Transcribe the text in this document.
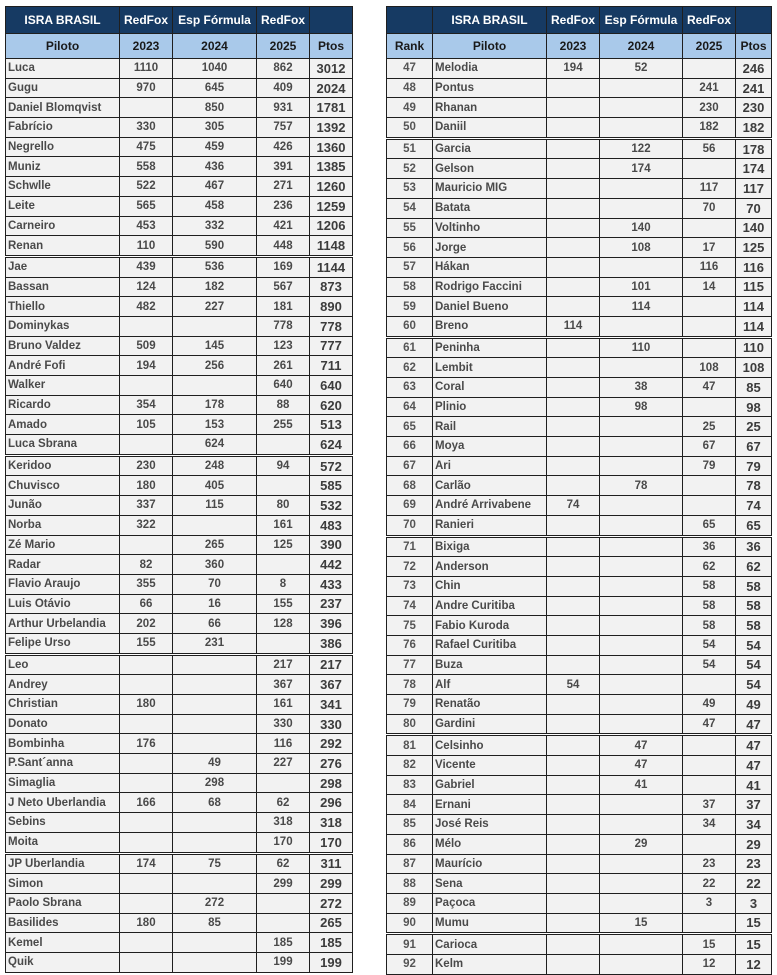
ISRA BRASIL	RedFox	Esp Fórmula	RedFox	
Piloto	2023	2024	2025	Ptos
Luca	1110	1040	862	3012
Gugu	970	645	409	2024
Daniel Blomqvist		850	931	1781
Fabrício	330	305	757	1392
Negrello	475	459	426	1360
Muniz	558	436	391	1385
Schwlle	522	467	271	1260
Leite	565	458	236	1259
Carneiro	453	332	421	1206
Renan	110	590	448	1148
Jae	439	536	169	1144
Bassan	124	182	567	873
Thiello	482	227	181	890
Dominykas			778	778
Bruno Valdez	509	145	123	777
André Fofi	194	256	261	711
Walker			640	640
Ricardo	354	178	88	620
Amado	105	153	255	513
Luca Sbrana		624		624
Keridoo	230	248	94	572
Chuvisco	180	405		585
Junão	337	115	80	532
Norba	322		161	483
Zé Mario		265	125	390
Radar	82	360		442
Flavio Araujo	355	70	8	433
Luis Otávio	66	16	155	237
Arthur Urbelandia	202	66	128	396
Felipe Urso	155	231		386
Leo			217	217
Andrey			367	367
Christian	180		161	341
Donato			330	330
Bombinha	176		116	292
P.Sant´anna		49	227	276
Simaglia		298		298
J Neto Uberlandia	166	68	62	296
Sebins			318	318
Moita			170	170
JP Uberlandia	174	75	62	311
Simon			299	299
Paolo Sbrana		272		272
Basilides	180	85		265
Kemel			185	185
Quik			199	199
	ISRA BRASIL	RedFox	Esp Fórmula	RedFox	
Rank	Piloto	2023	2024	2025	Ptos
47	Melodia	194	52		246
48	Pontus			241	241
49	Rhanan			230	230
50	Daniil			182	182
51	Garcia		122	56	178
52	Gelson		174		174
53	Mauricio MIG			117	117
54	Batata			70	70
55	Voltinho		140		140
56	Jorge		108	17	125
57	Hákan			116	116
58	Rodrigo Faccini		101	14	115
59	Daniel Bueno		114		114
60	Breno	114			114
61	Peninha		110		110
62	Lembit			108	108
63	Coral		38	47	85
64	Plinio		98		98
65	Rail			25	25
66	Moya			67	67
67	Ari			79	79
68	Carlão		78		78
69	André Arrivabene	74			74
70	Ranieri			65	65
71	Bixiga			36	36
72	Anderson			62	62
73	Chin			58	58
74	Andre Curitiba			58	58
75	Fabio Kuroda			58	58
76	Rafael Curitiba			54	54
77	Buza			54	54
78	Alf	54			54
79	Renatão			49	49
80	Gardini			47	47
81	Celsinho		47		47
82	Vicente		47		47
83	Gabriel		41		41
84	Ernani			37	37
85	José Reis			34	34
86	Mélo		29		29
87	Maurício			23	23
88	Sena			22	22
89	Paçoca			3	3
90	Mumu		15		15
91	Carioca			15	15
92	Kelm			12	12
